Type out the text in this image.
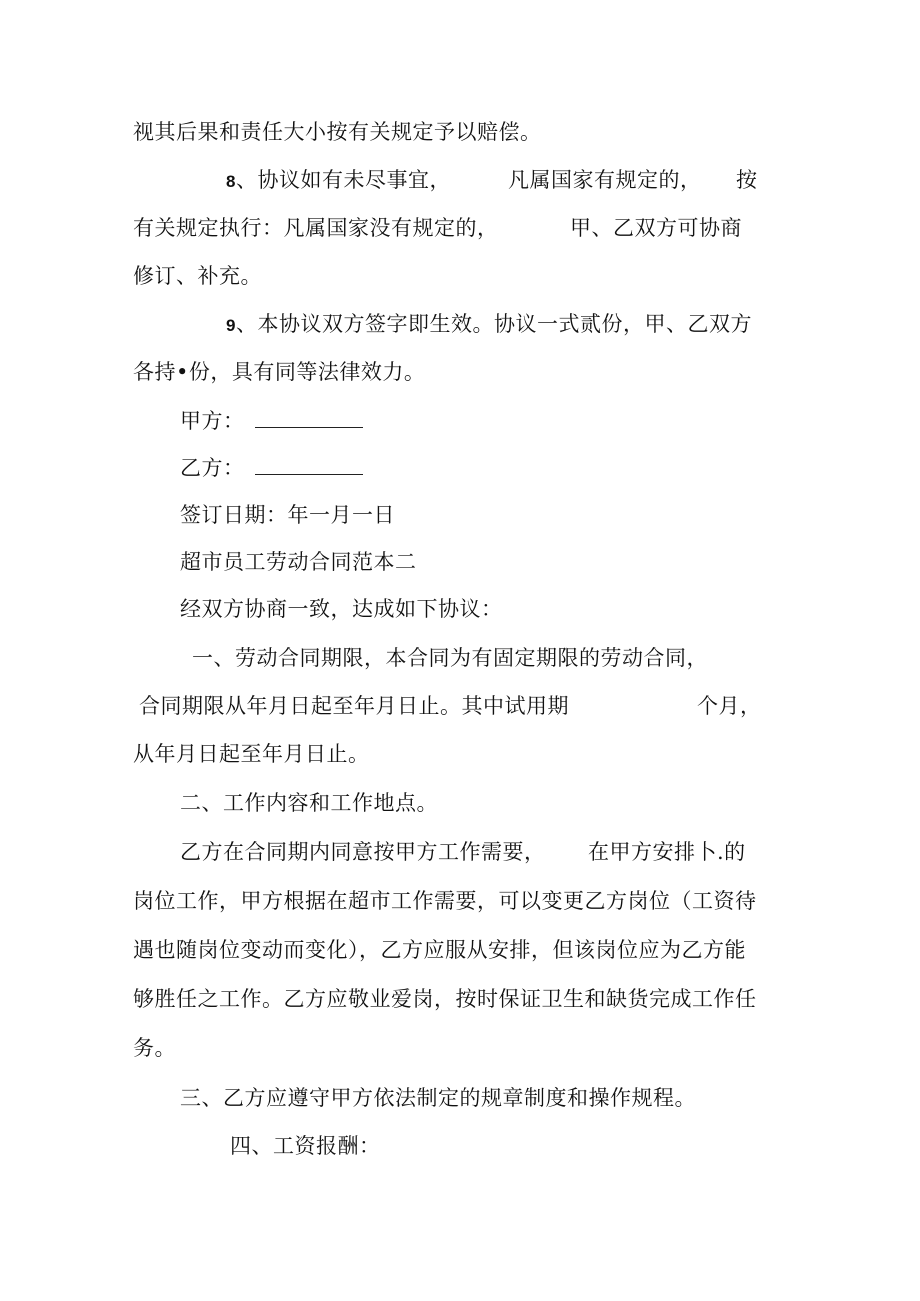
视其后果和责任大小按有关规定予以赔偿。
8、协议如有未尽事宜，	凡属国家有规定的， 按
有关规定执行：凡属国家没有规定的，	甲、乙双方可协商
修订、补充。
9、本协议双方签字即生效。协议一式贰份，甲、乙双方
各持•份，具有同等法律效力。
甲方：
乙方：
签订日期：年一月一日
超市员工劳动合同范本二
经双方协商一致，达成如下协议：
一、劳动合同期限，本合同为有固定期限的劳动合同，
合同期限从年月日起至年月日止。其中试用期	个月，
从年月日起至年月日止。
二、工作内容和工作地点。
乙方在合同期内同意按甲方工作需要， 在甲方安排卜.的
岗位工作，甲方根据在超市工作需要，可以变更乙方岗位（工资待
遇也随岗位变动而变化），乙方应服从安排，但该岗位应为乙方能
够胜任之工作。乙方应敬业爱岗，按时保证卫生和缺货完成工作任
务。
三、乙方应遵守甲方依法制定的规章制度和操作规程。
四、工资报酬：
